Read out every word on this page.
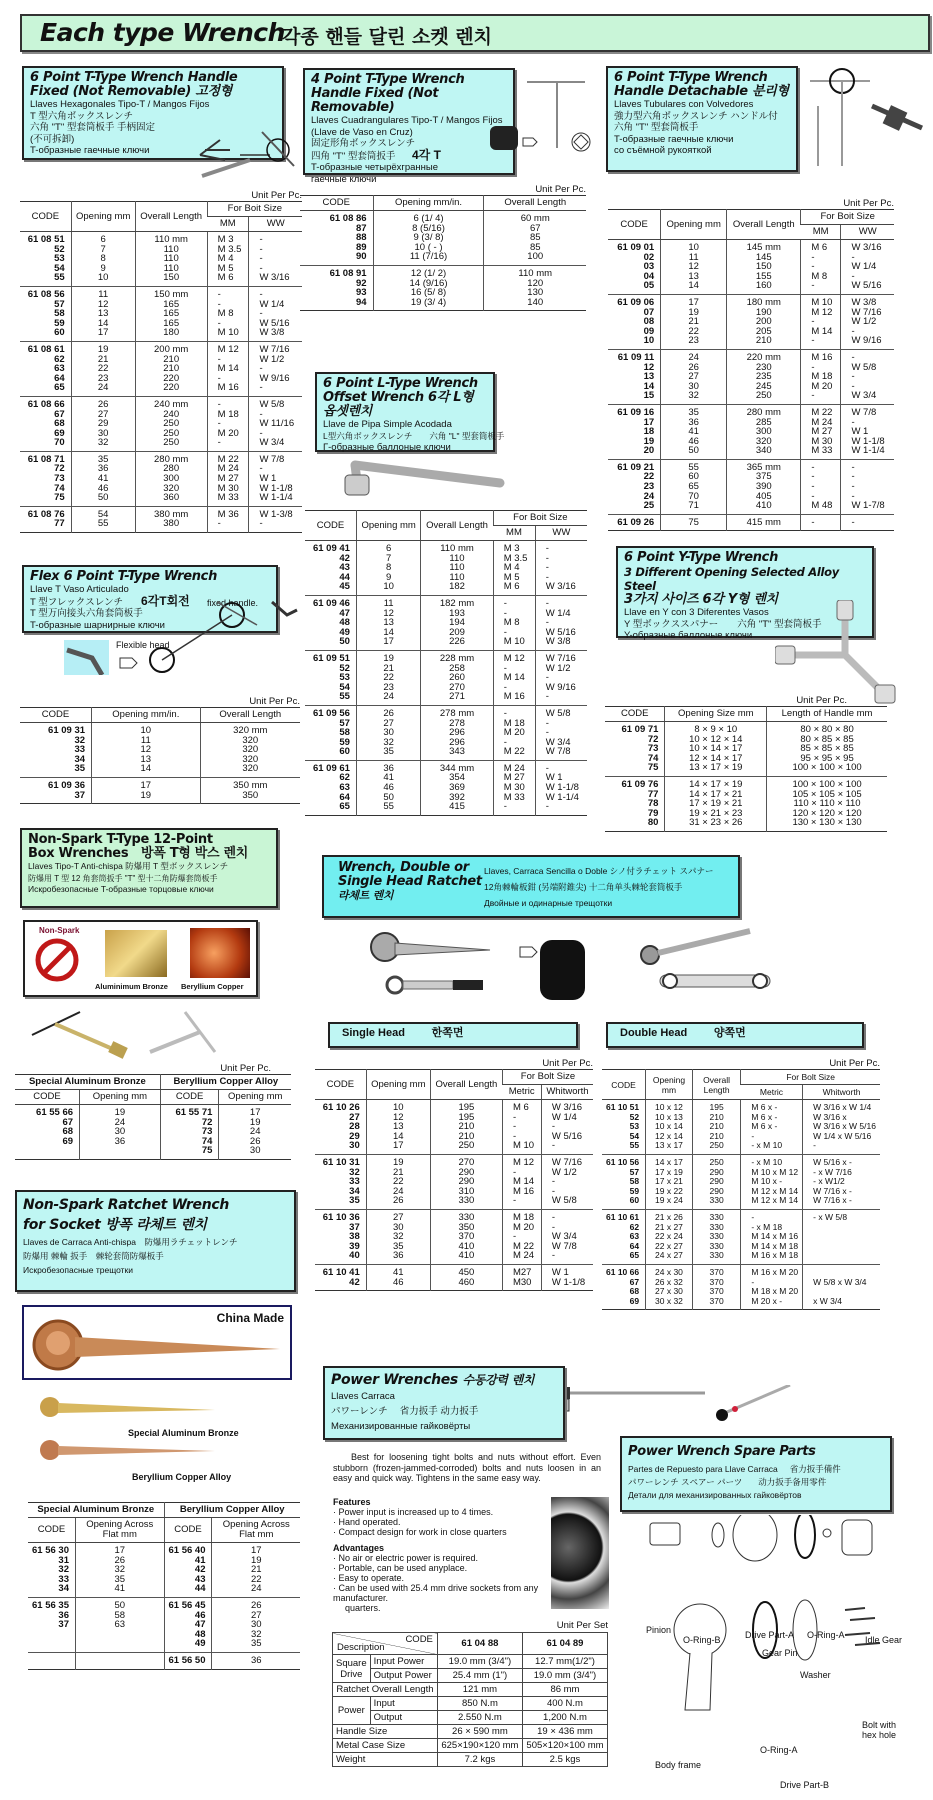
Each type Wrench
각종 핸들 달린 소켓 렌치
6 Point T-Type Wrench Handle
Fixed (Not Removable) 고정형
Llaves Hexagonales Tipo-T / Mangos Fijos
T 型六角ボックスレンチ
六角 "T" 型套筒板手 手柄固定
(不可拆卸)
T-образные гаечные ключи
Unit Per Pc.
CODE	Opening mm	Overall Length	For Boit Size	
			MM	WW
61 08 51	6	110 mm	M 3	-
52	7	110	M 3.5	-
53	8	110	M 4	-
54	9	110	M 5	-
55	10	150	M 6	W 3/16
61 08 56	11	150 mm	-	-
57	12	165	-	W 1/4
58	13	165	M 8	-
59	14	165	-	W 5/16
60	17	180	M 10	W 3/8
61 08 61	19	200 mm	M 12	W 7/16
62	21	210	-	W 1/2
63	22	210	M 14	-
64	23	220	-	W 9/16
65	24	220	M 16	-
61 08 66	26	240 mm	-	W 5/8
67	27	240	M 18	-
68	29	250	-	W 11/16
69	30	250	M 20	-
70	32	250	-	W 3/4
61 08 71	35	280 mm	M 22	W 7/8
72	36	280	M 24	-
73	41	300	M 27	W 1
74	46	320	M 30	W 1-1/8
75	50	360	M 33	W 1-1/4
61 08 76	54	380 mm	M 36	W 1-3/8
77	55	380	-	-
4 Point T-Type Wrench
Handle Fixed (Not Removable)
Llaves Cuadrangulares Tipo-T / Mangos Fijos
(Llave de Vaso en Cruz)
固定形角ボックスレンチ
四角 "T" 型套筒扳手 4각 T
T-образные четырёхгранные
гаечные ключи
Unit Per Pc.
CODE	Opening mm/in.	Overall Length
61 08 86	6 (1/ 4)	60 mm
87	8 (5/16)	67
88	9 (3/ 8)	85
89	10 ( - )	85
90	11 (7/16)	100
61 08 91	12 (1/ 2)	110 mm
92	14 (9/16)	120
93	16 (5/ 8)	130
94	19 (3/ 4)	140
6 Point T-Type Wrench
Handle Detachable 분리형
Llaves Tubulares con Volvedores
強力型六角ボックスレンチ ハンドル付
六角 "T" 型套筒板手
T-образные гаечные ключи
со съёмной рукояткой
Unit Per Pc.
CODE	Opening mm	Overall Length	For Boit Size	
			MM	WW
61 09 01	10	145 mm	M 6	W 3/16
02	11	145	-	-
03	12	150	-	W 1/4
04	13	155	M 8	-
05	14	160	-	W 5/16
61 09 06	17	180 mm	M 10	W 3/8
07	19	190	M 12	W 7/16
08	21	200	-	W 1/2
09	22	205	M 14	-
10	23	210	-	W 9/16
61 09 11	24	220 mm	M 16	-
12	26	230	-	W 5/8
13	27	235	M 18	-
14	30	245	M 20	-
15	32	250	-	W 3/4
61 09 16	35	280 mm	M 22	W 7/8
17	36	285	M 24	-
18	41	300	M 27	W 1
19	46	320	M 30	W 1-1/8
20	50	340	M 33	W 1-1/4
61 09 21	55	365 mm	-	-
22	60	375	-	-
23	65	390	-	-
24	70	405	-	-
25	71	410	M 48	W 1-7/8
61 09 26	75	415 mm	-	-
6 Point L-Type Wrench
Offset Wrench 6각 L형 옵셋렌치
Llave de Pipa Simple Acodada
L型六角ボックスレンチ　　六角 "L" 型套筒板手
Г-образные баллоные ключи
CODE	Opening mm	Overall Length	For Boit Size	
			MM	WW
61 09 41	6	110 mm	M 3	-
42	7	110	M 3.5	-
43	8	110	M 4	-
44	9	110	M 5	-
45	10	182	M 6	W 3/16
61 09 46	11	182 mm	-	-
47	12	193	-	W 1/4
48	13	194	M 8	-
49	14	209	-	W 5/16
50	17	226	M 10	W 3/8
61 09 51	19	228 mm	M 12	W 7/16
52	21	258	-	W 1/2
53	22	260	M 14	-
54	23	270	-	W 9/16
55	24	271	M 16	-
61 09 56	26	278 mm	-	W 5/8
57	27	278	M 18	-
58	30	296	M 20	-
59	32	296	-	W 3/4
60	35	343	M 22	W 7/8
61 09 61	36	344 mm	M 24	-
62	41	354	M 27	W 1
63	46	369	M 30	W 1-1/8
64	50	392	M 33	W 1-1/4
65	55	415	-	-
Flex 6 Point T-Type Wrench
Llave T Vaso Articulado
T 型フレックスレンチ 6각T회전
T 型万向接头六角套筒板手
T-образные шарнирные ключи
fixed handle.
Flexible head
Unit Per Pc.
CODE	Opening mm/in.	Overall Length
61 09 31	10	320 mm
32	11	320
33	12	320
34	13	320
35	14	320
61 09 36	17	350 mm
37	19	350
6 Point Y-Type Wrench
3 Different Opening Selected Alloy Steel
3가지 사이즈 6각 Y형 렌치
Llave en Y con 3 Diferentes Vasos
Y 型ボックススパナー　　六角 "T" 型套筒板手
Y-образные баллоные ключи
Unit Per Pc.
CODE	Opening Size mm	Length of Handle mm
61 09 71	8 × 9 × 10	80 × 80 × 80
72	10 × 12 × 14	80 × 85 × 85
73	10 × 14 × 17	85 × 85 × 85
74	12 × 14 × 17	95 × 95 × 95
75	13 × 17 × 19	100 × 100 × 100
61 09 76	14 × 17 × 19	100 × 100 × 100
77	14 × 17 × 21	105 × 105 × 105
78	17 × 19 × 21	110 × 110 × 110
79	19 × 21 × 23	120 × 120 × 120
80	31 × 23 × 26	130 × 130 × 130
Non-Spark T-Type 12-Point
Box Wrenches　방폭 T형 박스 렌치
Llaves Tipo-T Anti-chispa 防爆用 T 型ボックスレンチ
防爆用 T 型 12 角套筒扳手 "T" 型十二角防爆套筒板手
Искробезопасные T-образные торцовые ключи
Non-Spark
Aluminimum Bronze Beryllium Copper
Unit Per Pc.
Special Aluminum Bronze		Beryllium Copper Alloy	
CODE	Opening mm	CODE	Opening mm
61 55 66	19	61 55 71	17
67	24	72	19
68	30	73	24
69	36	74	26
		75	30
Wrench, Double or
Single Head Ratchet
라체트 렌치
Llaves, Carraca Sencilla o Doble シノ付ラチェット スパナー
12角棘輪板鉗 (另端附錐尖) 十二角单头棘轮套筒板手
Двойные и одинарные трещотки
Single Head 한쪽면
Unit Per Pc.
CODE	Opening mm	Overall Length	For Bolt Size	
			Metric	Whitworth
61 10 26	10	195	M 6	W 3/16
27	12	195	-	W 1/4
28	13	210	-	-
29	14	210	-	W 5/16
30	17	250	M 10	-
61 10 31	19	270	M 12	W 7/16
32	21	290	-	W 1/2
33	22	290	M 14	-
34	24	310	M 16	-
35	26	330	-	W 5/8
61 10 36	27	330	M 18	-
37	30	350	M 20	-
38	32	370	-	W 3/4
39	35	410	M 22	W 7/8
40	36	410	M 24	-
61 10 41	41	450	M27	W 1
42	46	460	M30	W 1-1/8
Double Head 양쪽면
Unit Per Pc.
CODE	Opening mm	Overall Length	For Bolt Size	
			Metric	Whitworth
61 10 51	10 x 12	195	M 6 x -	W 3/16 x W 1/4
52	10 x 13	210	M 6 x -	W 3/16 x
53	10 x 14	210	M 6 x -	W 3/16 x W 5/16
54	12 x 14	210	-	W 1/4 x W 5/16
55	13 x 17	250	- x M 10	-
61 10 56	14 x 17	250	- x M 10	W 5/16 x -
57	17 x 19	290	M 10 x M 12	- x W 7/16
58	17 x 21	290	M 10 x -	- x W1/2
59	19 x 22	290	M 12 x M 14	W 7/16 x -
60	19 x 24	330	M 12 x M 14	W 7/16 x -
61 10 61	21 x 26	330	-	- x W 5/8
62	21 x 27	330	- x M 18	
63	22 x 24	330	M 14 x M 16	
64	22 x 27	330	M 14 x M 18	
65	24 x 27	330	M 16 x M 18	
61 10 66	24 x 30	370	M 16 x M 20	
67	26 x 32	370	-	W 5/8 x W 3/4
68	27 x 30	370	M 18 x M 20	
69	30 x 32	370	M 20 x -	x W 3/4
Non-Spark Ratchet Wrench
for Socket 방폭 라체트 렌치
Llaves de Carraca Anti-chispa　防爆用ラチェットレンチ
防爆用 棘輪 扳手　棘轮套筒防爆板手
Искробезопасные трещотки
China Made
Special Aluminum Bronze
Beryllium Copper Alloy
Special Aluminum Bronze		Beryllium Copper Alloy	
CODE	Opening Across Flat mm	CODE	Opening Across Flat mm
61 56 30	17	61 56 40	17
31	26	41	19
32	32	42	21
33	35	43	22
34	41	44	24
61 56 35	50	61 56 45	26
36	58	46	27
37	63	47	30
		48	32
		49	35
		61 56 50	36
Power Wrenches 수동강력 렌치
Llaves Carraca
パワーレンチ　 省力扳手 动力扳手
Механизированные гайковёрты
Best for loosening tight bolts and nuts without effort. Even stubborn (frozen-jammed-corroded) bolts and nuts loosen in an easy and quick way. Tightens in the same easy way.
Features
· Power input is increased up to 4 times.
· Hand operated.
· Compact design for work in close quarters
Advantages
· No air or electric power is required.
· Portable, can be used anyplace.
· Easy to operate.
· Can be used with 25.4 mm drive sockets from any manufacturer.
quarters.
Unit Per Set
CODE
Description		61 04 88	61 04 89
Square Drive	Input Power	19.0 mm (3/4")	12.7 mm(1/2")
	Output Power	25.4 mm (1")	19.0 mm (3/4")
Ratchet Overall Length		121 mm	86 mm
Power	Input	850 N.m	400 N.m
	Output	2.550 N.m	1,200 N.m
Handle Size		26 × 590 mm	19 × 436 mm
Metal Case Size		625×190×120 mm	505×120×100 mm
Weight		7.2 kgs	2.5 kgs
Power Wrench Spare Parts
Partes de Repuesto para Llave Carraca 省力扳手備件
パワーレンチ スペアー パーツ 动力扳手备用零件
Детали для механизированных гайковёртов
Pinion
O-Ring-B	Drive Part-A
Gear Pin
O-Ring-A
Washer
Idle Gear
Body frame
O-Ring-A
Drive Part-B
Bolt with hex hole
